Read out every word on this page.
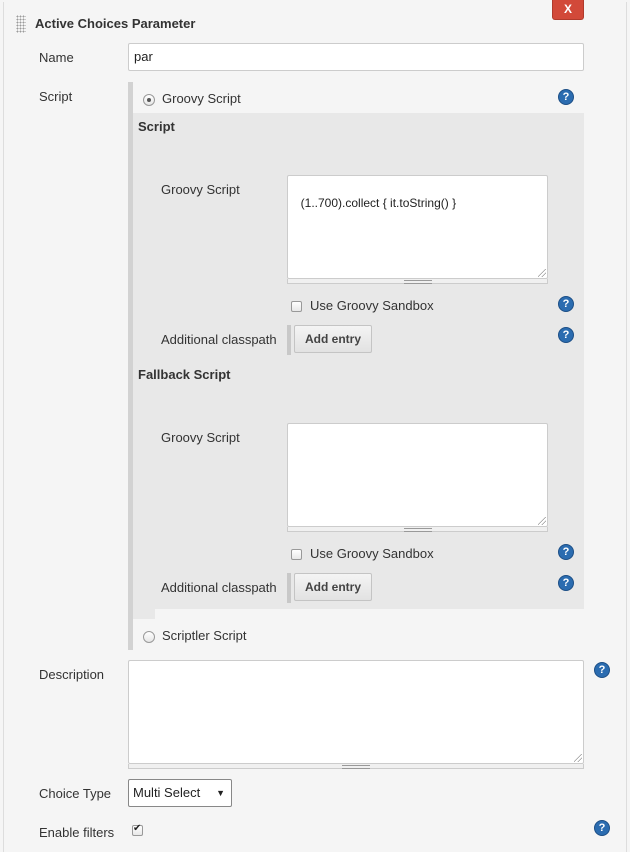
Active Choices Parameter
X
Name	par
Script	Groovy Script	?
Script
Groovy Script

(1..700).collect { it.toString() }

Use Groovy Sandbox	?
Additional classpath	Add entry	?
Fallback Script
Groovy Script

Use Groovy Sandbox	?
Additional classpath	Add entry	?
Scriptler Script
Description

	?
Choice Type	Multi Select ▼
Enable filters
✔	?
